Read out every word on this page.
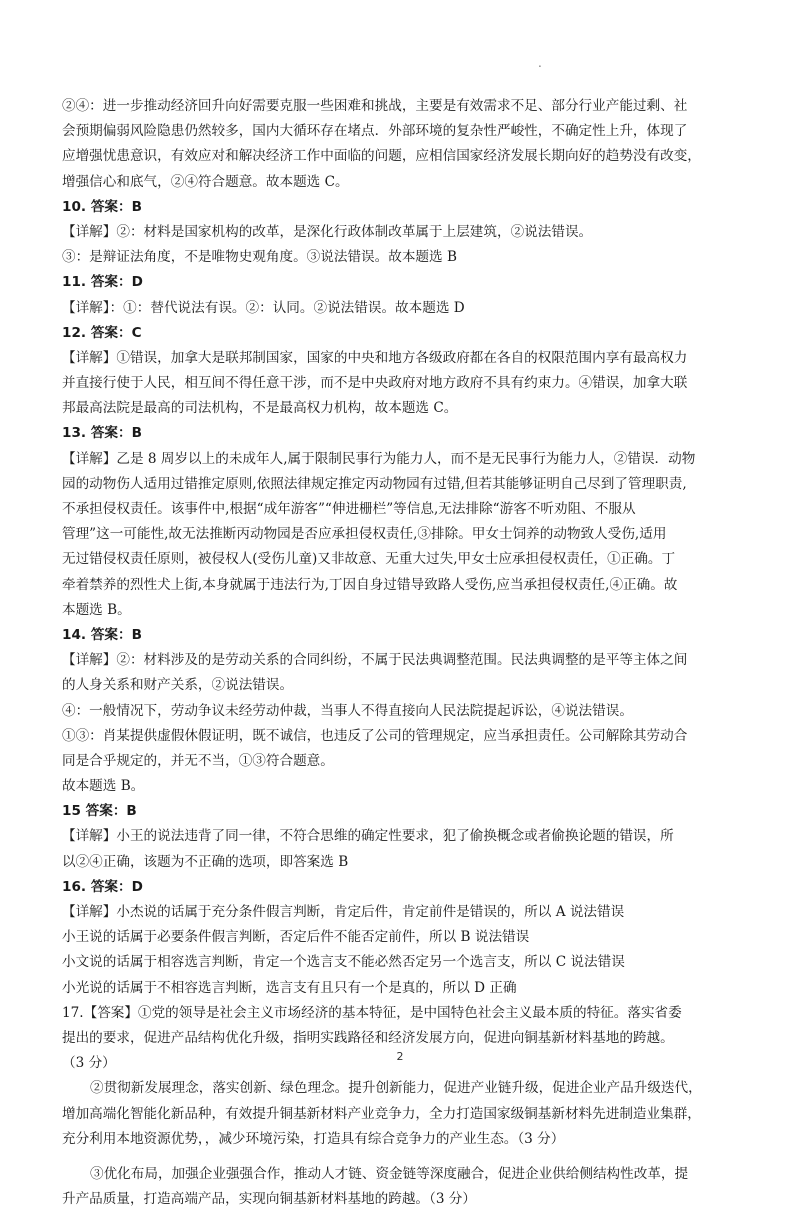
.
②④：进一步推动经济回升向好需要克服一些困难和挑战，主要是有效需求不足、部分行业产能过剩、社
会预期偏弱风险隐患仍然较多，国内大循环存在堵点．外部环境的复杂性严峻性，不确定性上升，体现了
应增强忧患意识，有效应对和解决经济工作中面临的问题，应相信国家经济发展长期向好的趋势没有改变，
增强信心和底气，②④符合题意。故本题选 C。
10. 答案：B
【详解】②：材料是国家机构的改革，是深化行政体制改革属于上层建筑，②说法错误。
③：是辩证法角度，不是唯物史观角度。③说法错误。故本题选 B
11. 答案：D
【详解】：①：替代说法有误。②：认同。②说法错误。故本题选 D
12. 答案：C
【详解】①错误，加拿大是联邦制国家，国家的中央和地方各级政府都在各自的权限范围内享有最高权力
并直接行使于人民，相互间不得任意干涉，而不是中央政府对地方政府不具有约束力。④错误，加拿大联
邦最高法院是最高的司法机构，不是最高权力机构，故本题选 C。
13. 答案：B
【详解】乙是 8 周岁以上的未成年人,属于限制民事行为能力人，而不是无民事行为能力人，②错误．动物
园的动物伤人适用过错推定原则,依照法律规定推定丙动物园有过错,但若其能够证明自己尽到了管理职责,
不承担侵权责任。该事件中,根据“成年游客”“伸进栅栏”等信息,无法排除“游客不听劝阻、不服从
管理”这一可能性,故无法推断丙动物园是否应承担侵权责任,③排除。甲女士饲养的动物致人受伤,适用
无过错侵权责任原则，被侵权人(受伤儿童)又非故意、无重大过失,甲女士应承担侵权责任，①正确。丁
牵着禁养的烈性犬上街,本身就属于违法行为,丁因自身过错导致路人受伤,应当承担侵权责任,④正确。故
本题选 B。
14. 答案：B
【详解】②：材料涉及的是劳动关系的合同纠纷，不属于民法典调整范围。民法典调整的是平等主体之间
的人身关系和财产关系，②说法错误。
④：一般情况下，劳动争议未经劳动仲裁，当事人不得直接向人民法院提起诉讼，④说法错误。
①③：肖某提供虚假休假证明，既不诚信，也违反了公司的管理规定，应当承担责任。公司解除其劳动合
同是合乎规定的，并无不当，①③符合题意。
故本题选 B。
15 答案：B
【详解】小王的说法违背了同一律，不符合思维的确定性要求，犯了偷换概念或者偷换论题的错误，所
以②④正确，该题为不正确的选项，即答案选 B
16. 答案：D
【详解】小杰说的话属于充分条件假言判断，肯定后件，肯定前件是错误的，所以 A 说法错误
小王说的话属于必要条件假言判断，否定后件不能否定前件，所以 B 说法错误
小文说的话属于相容选言判断，肯定一个选言支不能必然否定另一个选言支，所以 C 说法错误
小光说的话属于不相容选言判断，选言支有且只有一个是真的，所以 D 正确
17.【答案】①党的领导是社会主义市场经济的基本特征，是中国特色社会主义最本质的特征。落实省委
提出的要求，促进产品结构优化升级，指明实践路径和经济发展方向，促进向铜基新材料基地的跨越。
（3 分）
②贯彻新发展理念，落实创新、绿色理念。提升创新能力，促进产业链升级，促进企业产品升级迭代，
增加高端化智能化新品种，有效提升铜基新材料产业竞争力，全力打造国家级铜基新材料先进制造业集群，
充分利用本地资源优势，，减少环境污染，打造具有综合竞争力的产业生态。（3 分）
③优化布局，加强企业强强合作，推动人才链、资金链等深度融合，促进企业供给侧结构性改革，提
升产品质量，打造高端产品，实现向铜基新材料基地的跨越。（3 分）
2
